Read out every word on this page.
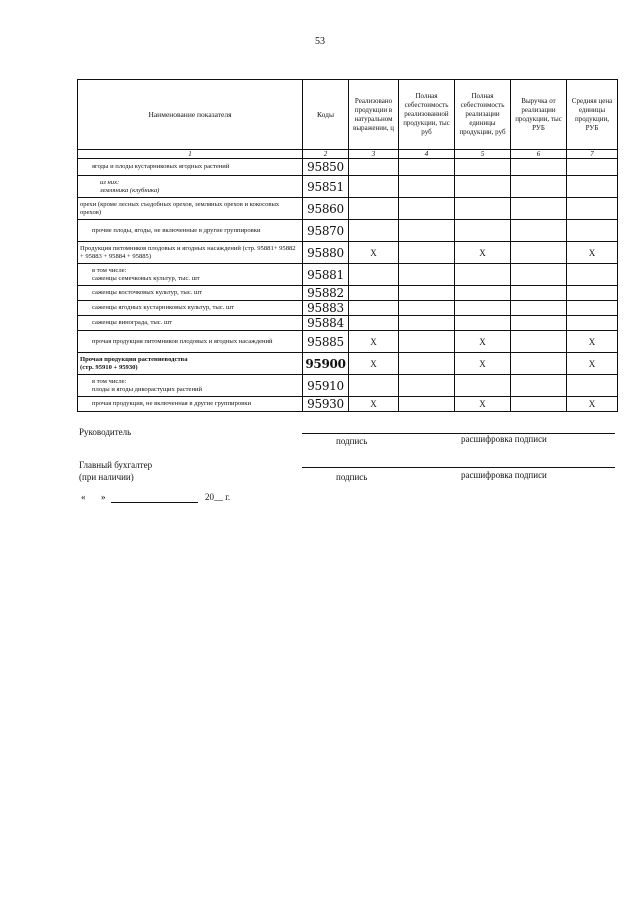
53
Наименование показателя	Коды	Реализовано продукции в натуральном выражении, ц	Полная себестоимость реализованной продукции, тыс руб	Полная себестоимость реализации единицы продукции, руб	Выручка от реализации продукции, тыс РУБ	Средняя цена единицы продукции, РУБ
1	2	3	4	5	6	7
ягоды и плоды кустарниковых ягодных растений	95850					

из них:
земляника (клубника)	95851					
орехи (кроме лесных съедобных орехов, земляных орехов и кокосовых орехов)	95860					
прочие плоды, ягоды, не включенные в другие группировки	95870					
Продукция питомников плодовых и ягодных насаждений (стр. 95881+ 95882 + 95883 + 95884 + 95885)	95880	X		X		X

в том числе:
саженцы семечковых культур, тыс. шт	95881					
саженцы косточковых культур, тыс. шт	95882					
саженцы ягодных кустарниковых культур, тыс. шт	95883					
саженцы винограда, тыс. шт	95884					
прочая продукция питомников плодовых и ягодных насаждений	95885	X		X		X

Прочая продукция растениеводства
(стр. 95910 + 95930)	95900	X		X		X

в том числе:
плоды и ягоды дикорастущих растений	95910					
прочая продукция, не включенная в другие группировки	95930	X		X		X
Руководитель
подпись	расшифровка подписи
Главный бухгалтер
(при наличии)	подпись	расшифровка подписи
« »	20__ г.
